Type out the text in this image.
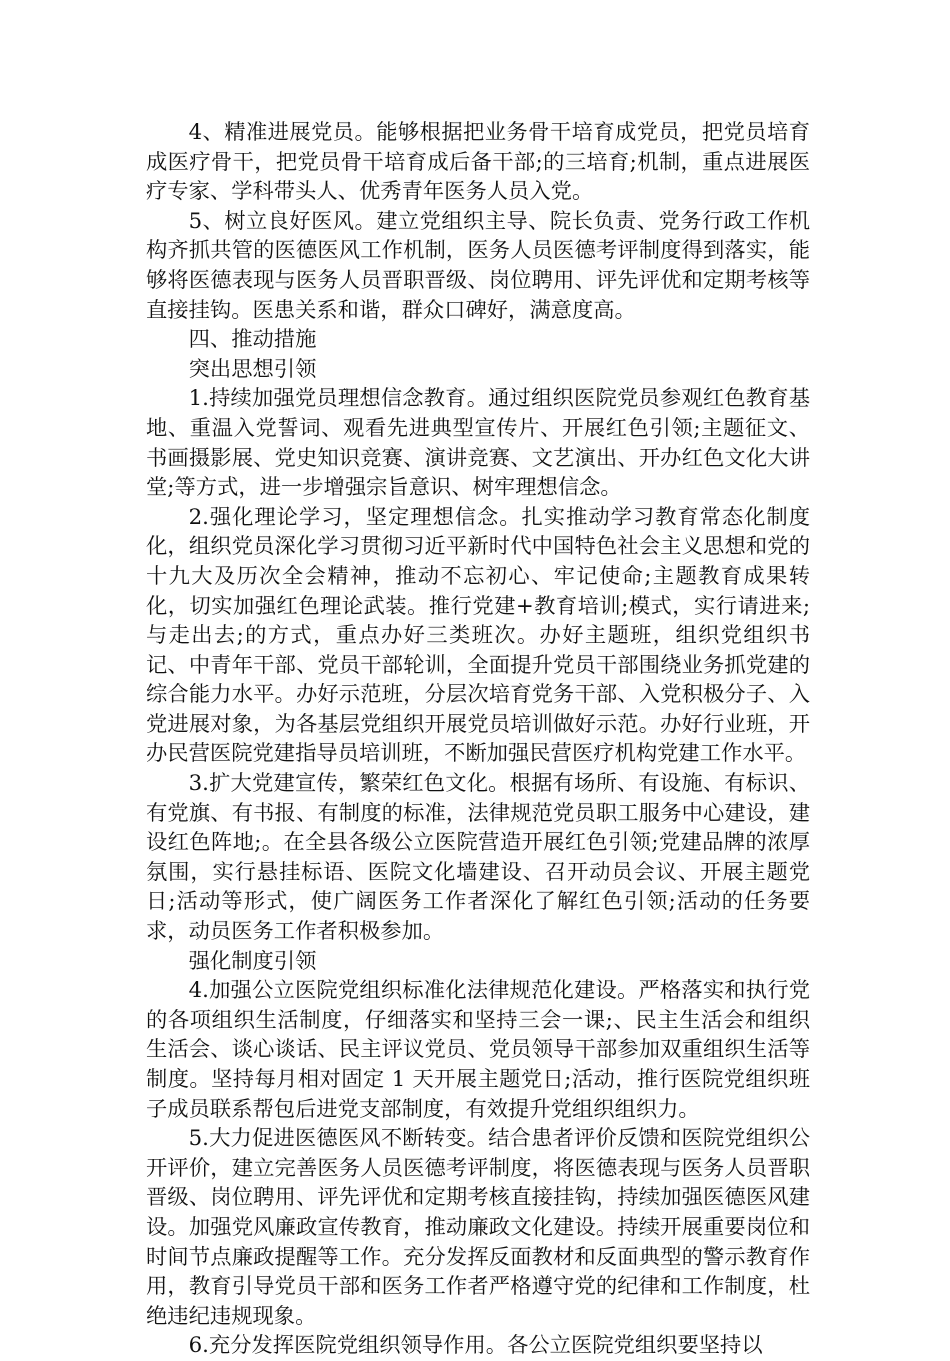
4、精准进展党员。能够根据把业务骨干培育成党员，把党员培育成医疗骨干，把党员骨干培育成后备干部;的三培育;机制，重点进展医疗专家、学科带头人、优秀青年医务人员入党。

5、树立良好医风。建立党组织主导、院长负责、党务行政工作机构齐抓共管的医德医风工作机制，医务人员医德考评制度得到落实，能够将医德表现与医务人员晋职晋级、岗位聘用、评先评优和定期考核等直接挂钩。医患关系和谐，群众口碑好，满意度高。

四、推动措施

突出思想引领

1.持续加强党员理想信念教育。通过组织医院党员参观红色教育基地、重温入党誓词、观看先进典型宣传片、开展红色引领;主题征文、书画摄影展、党史知识竞赛、演讲竞赛、文艺演出、开办红色文化大讲堂;等方式，进一步增强宗旨意识、树牢理想信念。

2.强化理论学习，坚定理想信念。扎实推动学习教育常态化制度化，组织党员深化学习贯彻习近平新时代中国特色社会主义思想和党的十九大及历次全会精神，推动不忘初心、牢记使命;主题教育成果转化，切实加强红色理论武装。推行党建+教育培训;模式，实行请进来;与走出去;的方式，重点办好三类班次。办好主题班，组织党组织书记、中青年干部、党员干部轮训，全面提升党员干部围绕业务抓党建的综合能力水平。办好示范班，分层次培育党务干部、入党积极分子、入党进展对象，为各基层党组织开展党员培训做好示范。办好行业班，开办民营医院党建指导员培训班，不断加强民营医疗机构党建工作水平。

3.扩大党建宣传，繁荣红色文化。根据有场所、有设施、有标识、有党旗、有书报、有制度的标准，法律规范党员职工服务中心建设，建设红色阵地;。在全县各级公立医院营造开展红色引领;党建品牌的浓厚氛围，实行悬挂标语、医院文化墙建设、召开动员会议、开展主题党日;活动等形式，使广阔医务工作者深化了解红色引领;活动的任务要求，动员医务工作者积极参加。

强化制度引领

4.加强公立医院党组织标准化法律规范化建设。严格落实和执行党的各项组织生活制度，仔细落实和坚持三会一课;、民主生活会和组织生活会、谈心谈话、民主评议党员、党员领导干部参加双重组织生活等制度。坚持每月相对固定 1 天开展主题党日;活动，推行医院党组织班子成员联系帮包后进党支部制度，有效提升党组织组织力。

5.大力促进医德医风不断转变。结合患者评价反馈和医院党组织公开评价，建立完善医务人员医德考评制度，将医德表现与医务人员晋职晋级、岗位聘用、评先评优和定期考核直接挂钩，持续加强医德医风建设。加强党风廉政宣传教育，推动廉政文化建设。持续开展重要岗位和时间节点廉政提醒等工作。充分发挥反面教材和反面典型的警示教育作用，教育引导党员干部和医务工作者严格遵守党的纪律和工作制度，杜绝违纪违规现象。

6.充分发挥医院党组织领导作用。各公立医院党组织要坚持以
